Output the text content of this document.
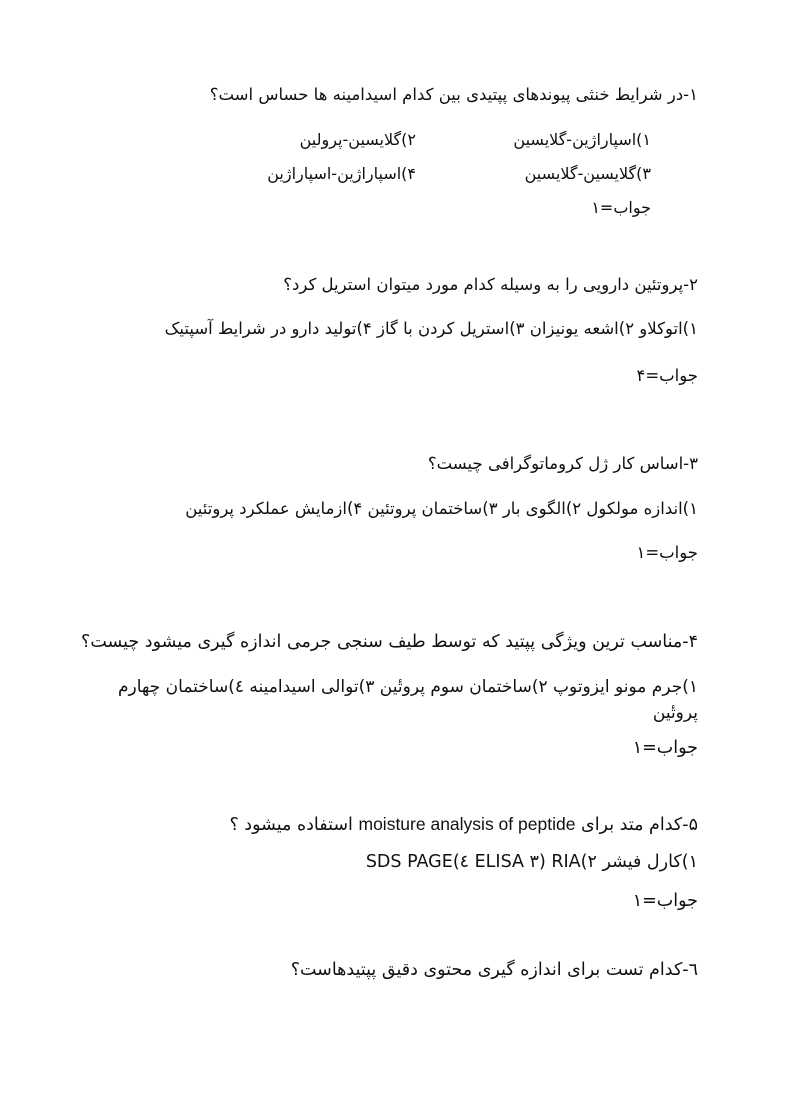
۱-در شرایط خنثی پیوندهای پپتیدی بین کدام اسیدامینه ها حساس است؟
۱)اسپاراژین-گلایسین
۲)گلایسین-پرولین
۳)گلایسین-گلایسین
۴)اسپاراژین-اسپاراژین
جواب=۱
۲-پروتئین دارویی را به وسیله کدام مورد میتوان استریل کرد؟
۱)اتوکلاو ۲)اشعه یونیزان ۳)استریل کردن با گاز ۴)تولید دارو در شرایط آسپتیک
جواب=۴
۳-اساس کار ژل کروماتوگرافی چیست؟
۱)اندازه مولکول ۲)الگوی بار ۳)ساختمان پروتئین ۴)ازمایش عملکرد پروتئین
جواب=۱
۴-مناسب ترین ویژگی پپتید که توسط طیف سنجی جرمی اندازه گیری میشود چیست؟
۱)جرم مونو ایزوتوپ ۲)ساختمان سوم پروتٔین ۳)توالی اسیدامینه ٤)ساختمان چهارم پروتٔین
جواب=۱
۵-کدام متد برای moisture analysis of peptide استفاده میشود ؟
۱)کارل فیشر ۲)ELISA ۳) RIA ٤)SDS PAGE
جواب=۱
٦-کدام تست برای اندازه گیری محتوی دقیق پپتیدهاست؟
